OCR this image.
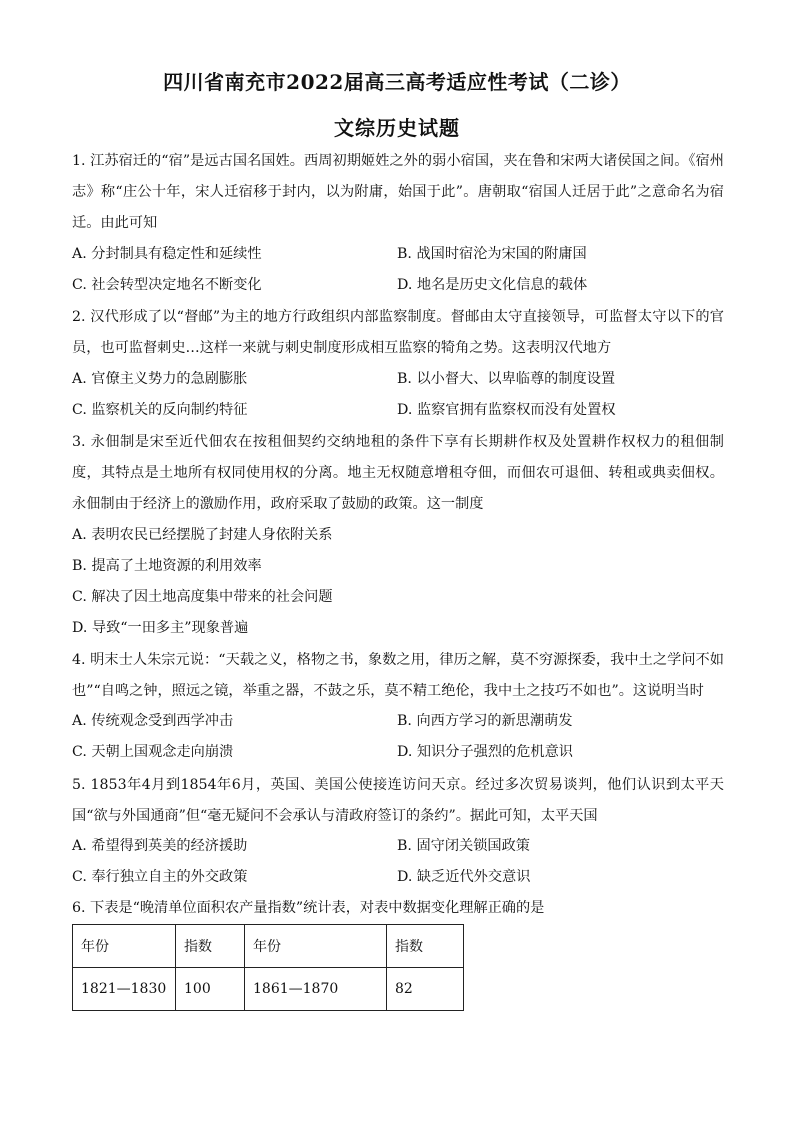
四川省南充市2022届高三高考适应性考试（二诊）
文综历史试题
1. 江苏宿迁的“宿”是远古国名国姓。西周初期姬姓之外的弱小宿国，夹在鲁和宋两大诸侯国之间。《宿州志》称“庄公十年，宋人迁宿移于封内，以为附庸，始国于此”。唐朝取“宿国人迁居于此”之意命名为宿迁。由此可知
A. 分封制具有稳定性和延续性	B. 战国时宿沦为宋国的附庸国
C. 社会转型决定地名不断变化	D. 地名是历史文化信息的载体
2. 汉代形成了以“督邮”为主的地方行政组织内部监察制度。督邮由太守直接领导，可监督太守以下的官员，也可监督刺史…这样一来就与刺史制度形成相互监察的犄角之势。这表明汉代地方
A. 官僚主义势力的急剧膨胀	B. 以小督大、以卑临尊的制度设置
C. 监察机关的反向制约特征	D. 监察官拥有监察权而没有处置权
3. 永佃制是宋至近代佃农在按租佃契约交纳地租的条件下享有长期耕作权及处置耕作权权力的租佃制度，其特点是土地所有权同使用权的分离。地主无权随意增租夺佃，而佃农可退佃、转租或典卖佃权。永佃制由于经济上的激励作用，政府采取了鼓励的政策。这一制度
A. 表明农民已经摆脱了封建人身依附关系
B. 提高了土地资源的利用效率
C. 解决了因土地高度集中带来的社会问题
D. 导致“一田多主”现象普遍
4. 明末士人朱宗元说：“天载之义，格物之书，象数之用，律历之解，莫不穷源探委，我中土之学问不如也”“自鸣之钟，照远之镜，举重之器，不鼓之乐，莫不精工绝伦，我中土之技巧不如也”。这说明当时
A. 传统观念受到西学冲击	B. 向西方学习的新思潮萌发
C. 天朝上国观念走向崩溃	D. 知识分子强烈的危机意识
5. 1853年4月到1854年6月，英国、美国公使接连访问天京。经过多次贸易谈判，他们认识到太平天国“欲与外国通商”但“毫无疑问不会承认与清政府签订的条约”。据此可知，太平天国
A. 希望得到英美的经济援助	B. 固守闭关锁国政策
C. 奉行独立自主的外交政策	D. 缺乏近代外交意识
6. 下表是“晚清单位面积农产量指数”统计表，对表中数据变化理解正确的是
年份	指数	年份	指数
1821—1830	100	1861—1870	82
